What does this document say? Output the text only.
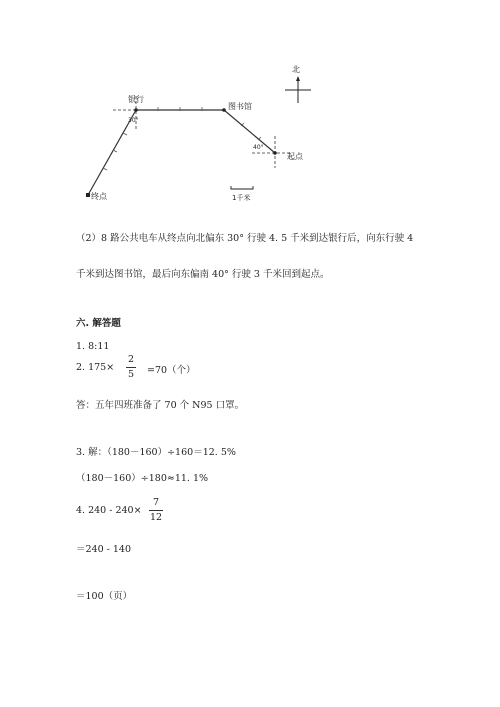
北
银行
图书馆
起点
终点
30°
40°
1千米
（2）8 路公共电车从终点向北偏东 30° 行驶 4. 5 千米到达银行后，向东行驶 4
千米到达图书馆，最后向东偏南 40° 行驶 3 千米回到起点。
六. 解答题
1. 8:11
2. 175×
2
5 =70（个）
答：五年四班准备了 70 个 N95 口罩。
3. 解：（180－160）÷160＝12. 5%
（180－160）÷180≈11. 1%
4. 240 - 240×
7
12
＝240 - 140
＝100（页）
